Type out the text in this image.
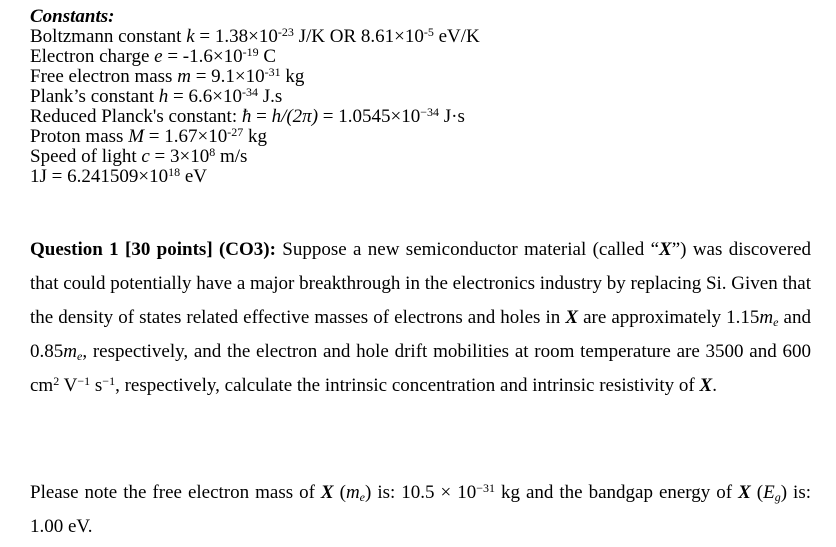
Constants:
Boltzmann constant $k = 1.38\times 10^{-23}$ J/K OR $8.61\times 10^{-5}$ eV/K
Electron charge $e = -1.6\times 10^{-19}$ C
Free electron mass $m = 9.1\times 10^{-31}$ kg
Plank’s constant $h = 6.6\times 10^{-34}$ J.s
Reduced Planck's constant: ħ = $h/(2\pi) = 1.0545\times 10^{-34}$ J·s
Proton mass $M = 1.67\times 10^{-27}$ kg
Speed of light $c = 3\times 10^8$ m/s
$1J = 6.241509\times 10^{18}$ eV
Question 1 [30 points] (CO3): Suppose a new semiconductor material (called “X”) was discovered that could potentially have a major breakthrough in the electronics industry by replacing Si. Given that the density of states related effective masses of electrons and holes in X are approximately $1.15m_e$ and $0.85m_e$, respectively, and the electron and hole drift mobilities at room temperature are 3500 and 600 $cm^2$ $V^{-1}$ $s^{-1}$, respectively, calculate the intrinsic concentration and intrinsic resistivity of X.
Please note the free electron mass of X $(m_e)$ is: $10.5 \times 10^{-31}$ kg and the bandgap energy of X $(E_g)$ is: 1.00 eV.
